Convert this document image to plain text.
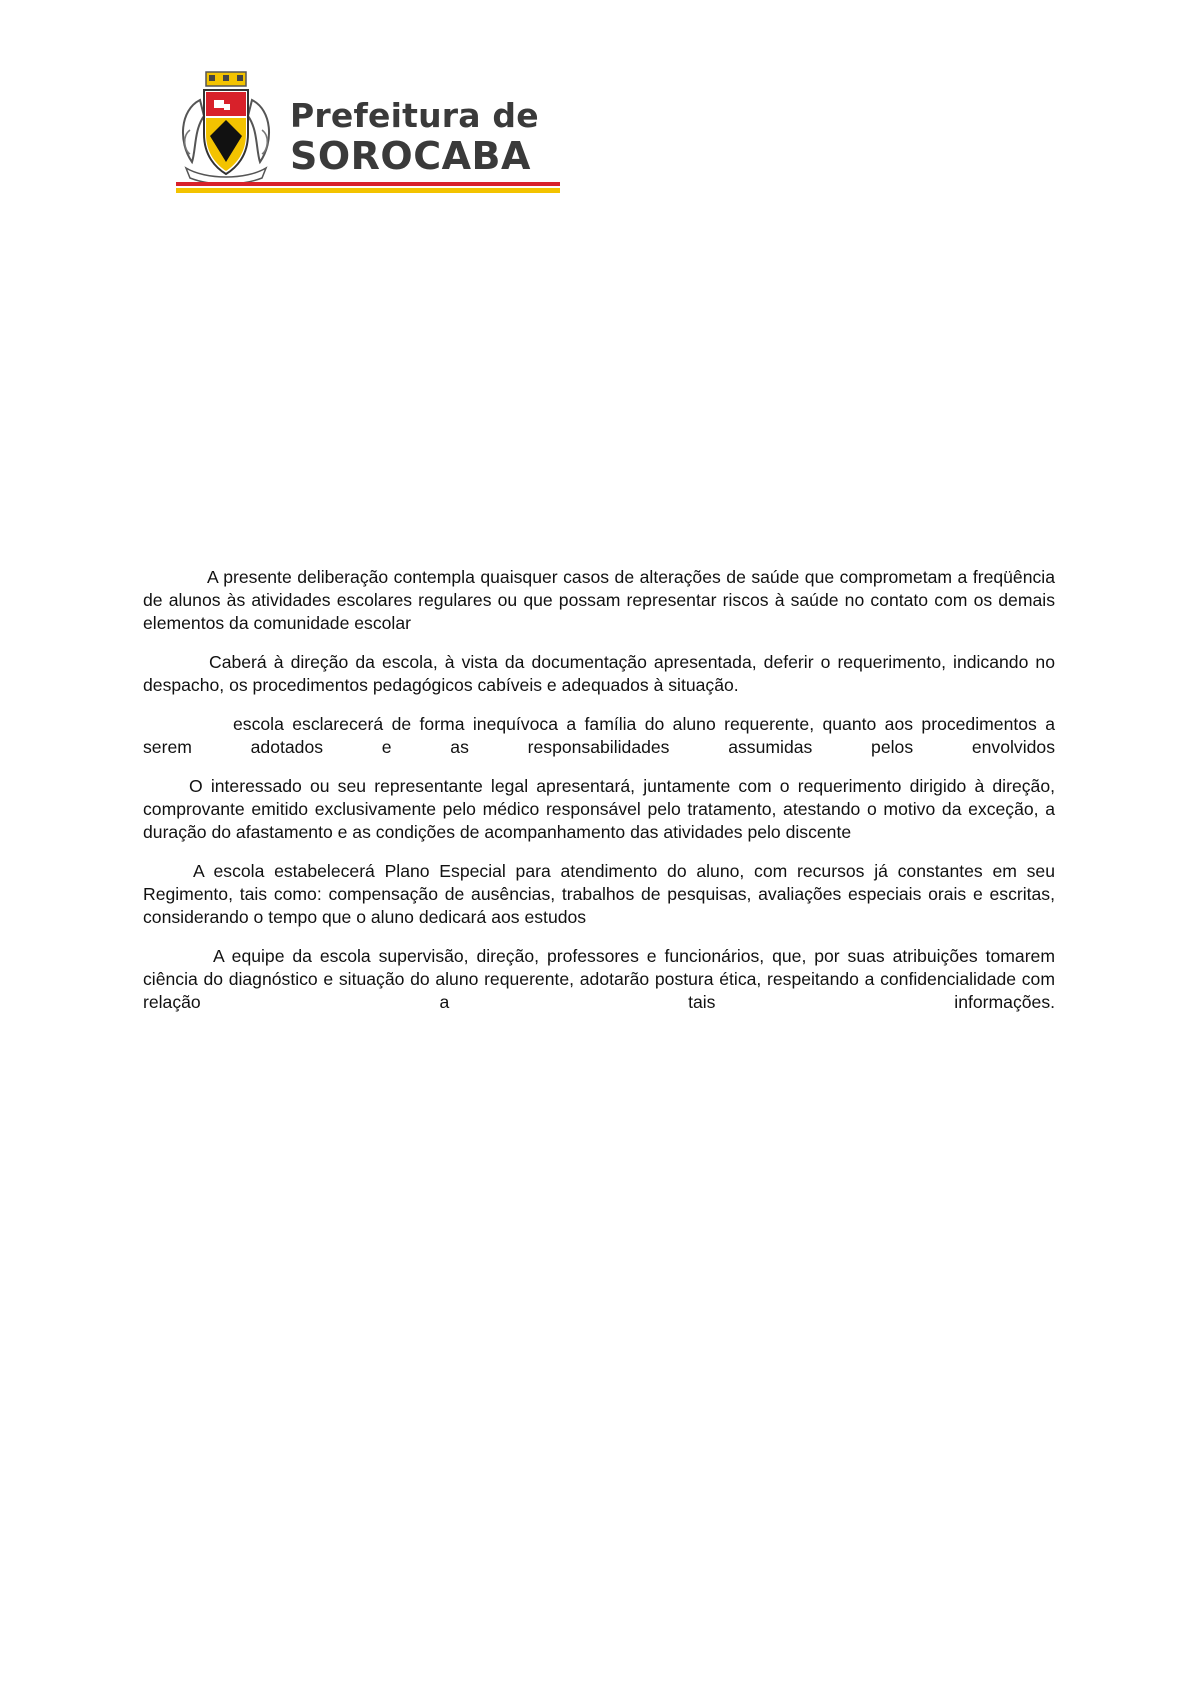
Prefeitura de
SOROCABA

A presente deliberação contempla quaisquer casos de alterações de saúde que comprometam a freqüência de alunos às atividades escolares regulares ou que possam representar riscos à saúde no contato com os demais elementos da comunidade escolar

Caberá à direção da escola, à vista da documentação apresentada, deferir o requerimento, indicando no despacho, os procedimentos pedagógicos cabíveis e adequados à situação.

escola esclarecerá de forma inequívoca a família do aluno requerente, quanto aos procedimentos a serem adotados e as responsabilidades assumidas pelos envolvidos

O interessado ou seu representante legal apresentará, juntamente com o requerimento dirigido à direção, comprovante emitido exclusivamente pelo médico responsável pelo tratamento, atestando o motivo da exceção, a duração do afastamento e as condições de acompanhamento das atividades pelo discente

A escola estabelecerá Plano Especial para atendimento do aluno, com recursos já constantes em seu Regimento, tais como: compensação de ausências, trabalhos de pesquisas, avaliações especiais orais e escritas, considerando o tempo que o aluno dedicará aos estudos

A equipe da escola supervisão, direção, professores e funcionários, que, por suas atribuições tomarem ciência do diagnóstico e situação do aluno requerente, adotarão postura ética, respeitando a confidencialidade com relação a tais informações.
